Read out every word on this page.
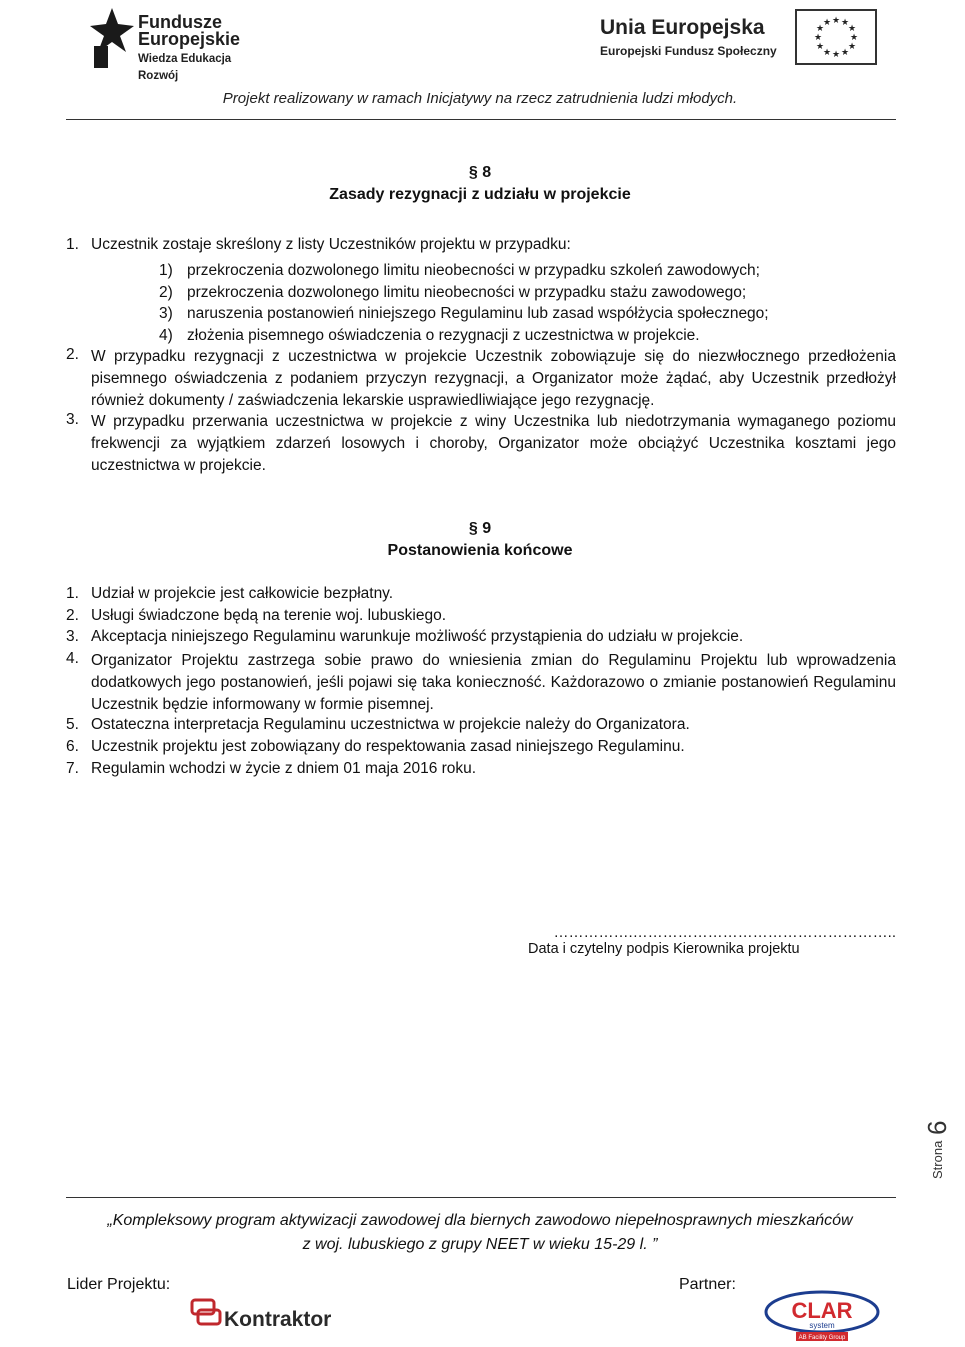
Fundusze
Europejskie
Wiedza Edukacja Rozwój
Unia Europejska
Europejski Fundusz Społeczny
★ ★
★
★
★
★
★
★
★
★
★
★
Projekt realizowany w ramach Inicjatywy na rzecz zatrudnienia ludzi młodych.
§ 8
Zasady rezygnacji z udziału w projekcie
1. Uczestnik zostaje skreślony z listy Uczestników projektu w przypadku:
1) przekroczenia dozwolonego limitu nieobecności w przypadku szkoleń zawodowych;
2) przekroczenia dozwolonego limitu nieobecności w przypadku stażu zawodowego;
3) naruszenia postanowień niniejszego Regulaminu lub zasad współżycia społecznego;
4) złożenia pisemnego oświadczenia o rezygnacji z uczestnictwa w projekcie.
2. W przypadku rezygnacji z uczestnictwa w projekcie Uczestnik zobowiązuje się do niezwłocznego przedłożenia pisemnego oświadczenia z podaniem przyczyn rezygnacji, a Organizator może żądać, aby Uczestnik przedłożył również dokumenty / zaświadczenia lekarskie usprawiedliwiające jego rezygnację.
3. W przypadku przerwania uczestnictwa w projekcie z winy Uczestnika lub niedotrzymania wymaganego poziomu frekwencji za wyjątkiem zdarzeń losowych i choroby, Organizator może obciążyć Uczestnika kosztami jego uczestnictwa w projekcie.
§ 9
Postanowienia końcowe
1. Udział w projekcie jest całkowicie bezpłatny.
2. Usługi świadczone będą na terenie woj. lubuskiego.
3. Akceptacja niniejszego Regulaminu warunkuje możliwość przystąpienia do udziału w projekcie.
4. Organizator Projektu zastrzega sobie prawo do wniesienia zmian do Regulaminu Projektu lub wprowadzenia dodatkowych jego postanowień, jeśli pojawi się taka konieczność. Każdorazowo o zmianie postanowień Regulaminu Uczestnik będzie informowany w formie pisemnej.
5. Ostateczna interpretacja Regulaminu uczestnictwa w projekcie należy do Organizatora.
6. Uczestnik projektu jest zobowiązany do respektowania zasad niniejszego Regulaminu.
7. Regulamin wchodzi w życie z dniem 01 maja 2016 roku.
…………….……………………………………………..
Data i czytelny podpis Kierownika projektu
Strona
6
„Kompleksowy program aktywizacji zawodowej dla biernych zawodowo niepełnosprawnych mieszkańców
z woj. lubuskiego z grupy NEET w wieku 15-29 l. ”
Lider Projektu:	Partner:
Kontraktor	CLAR
system
AB Facility Group
